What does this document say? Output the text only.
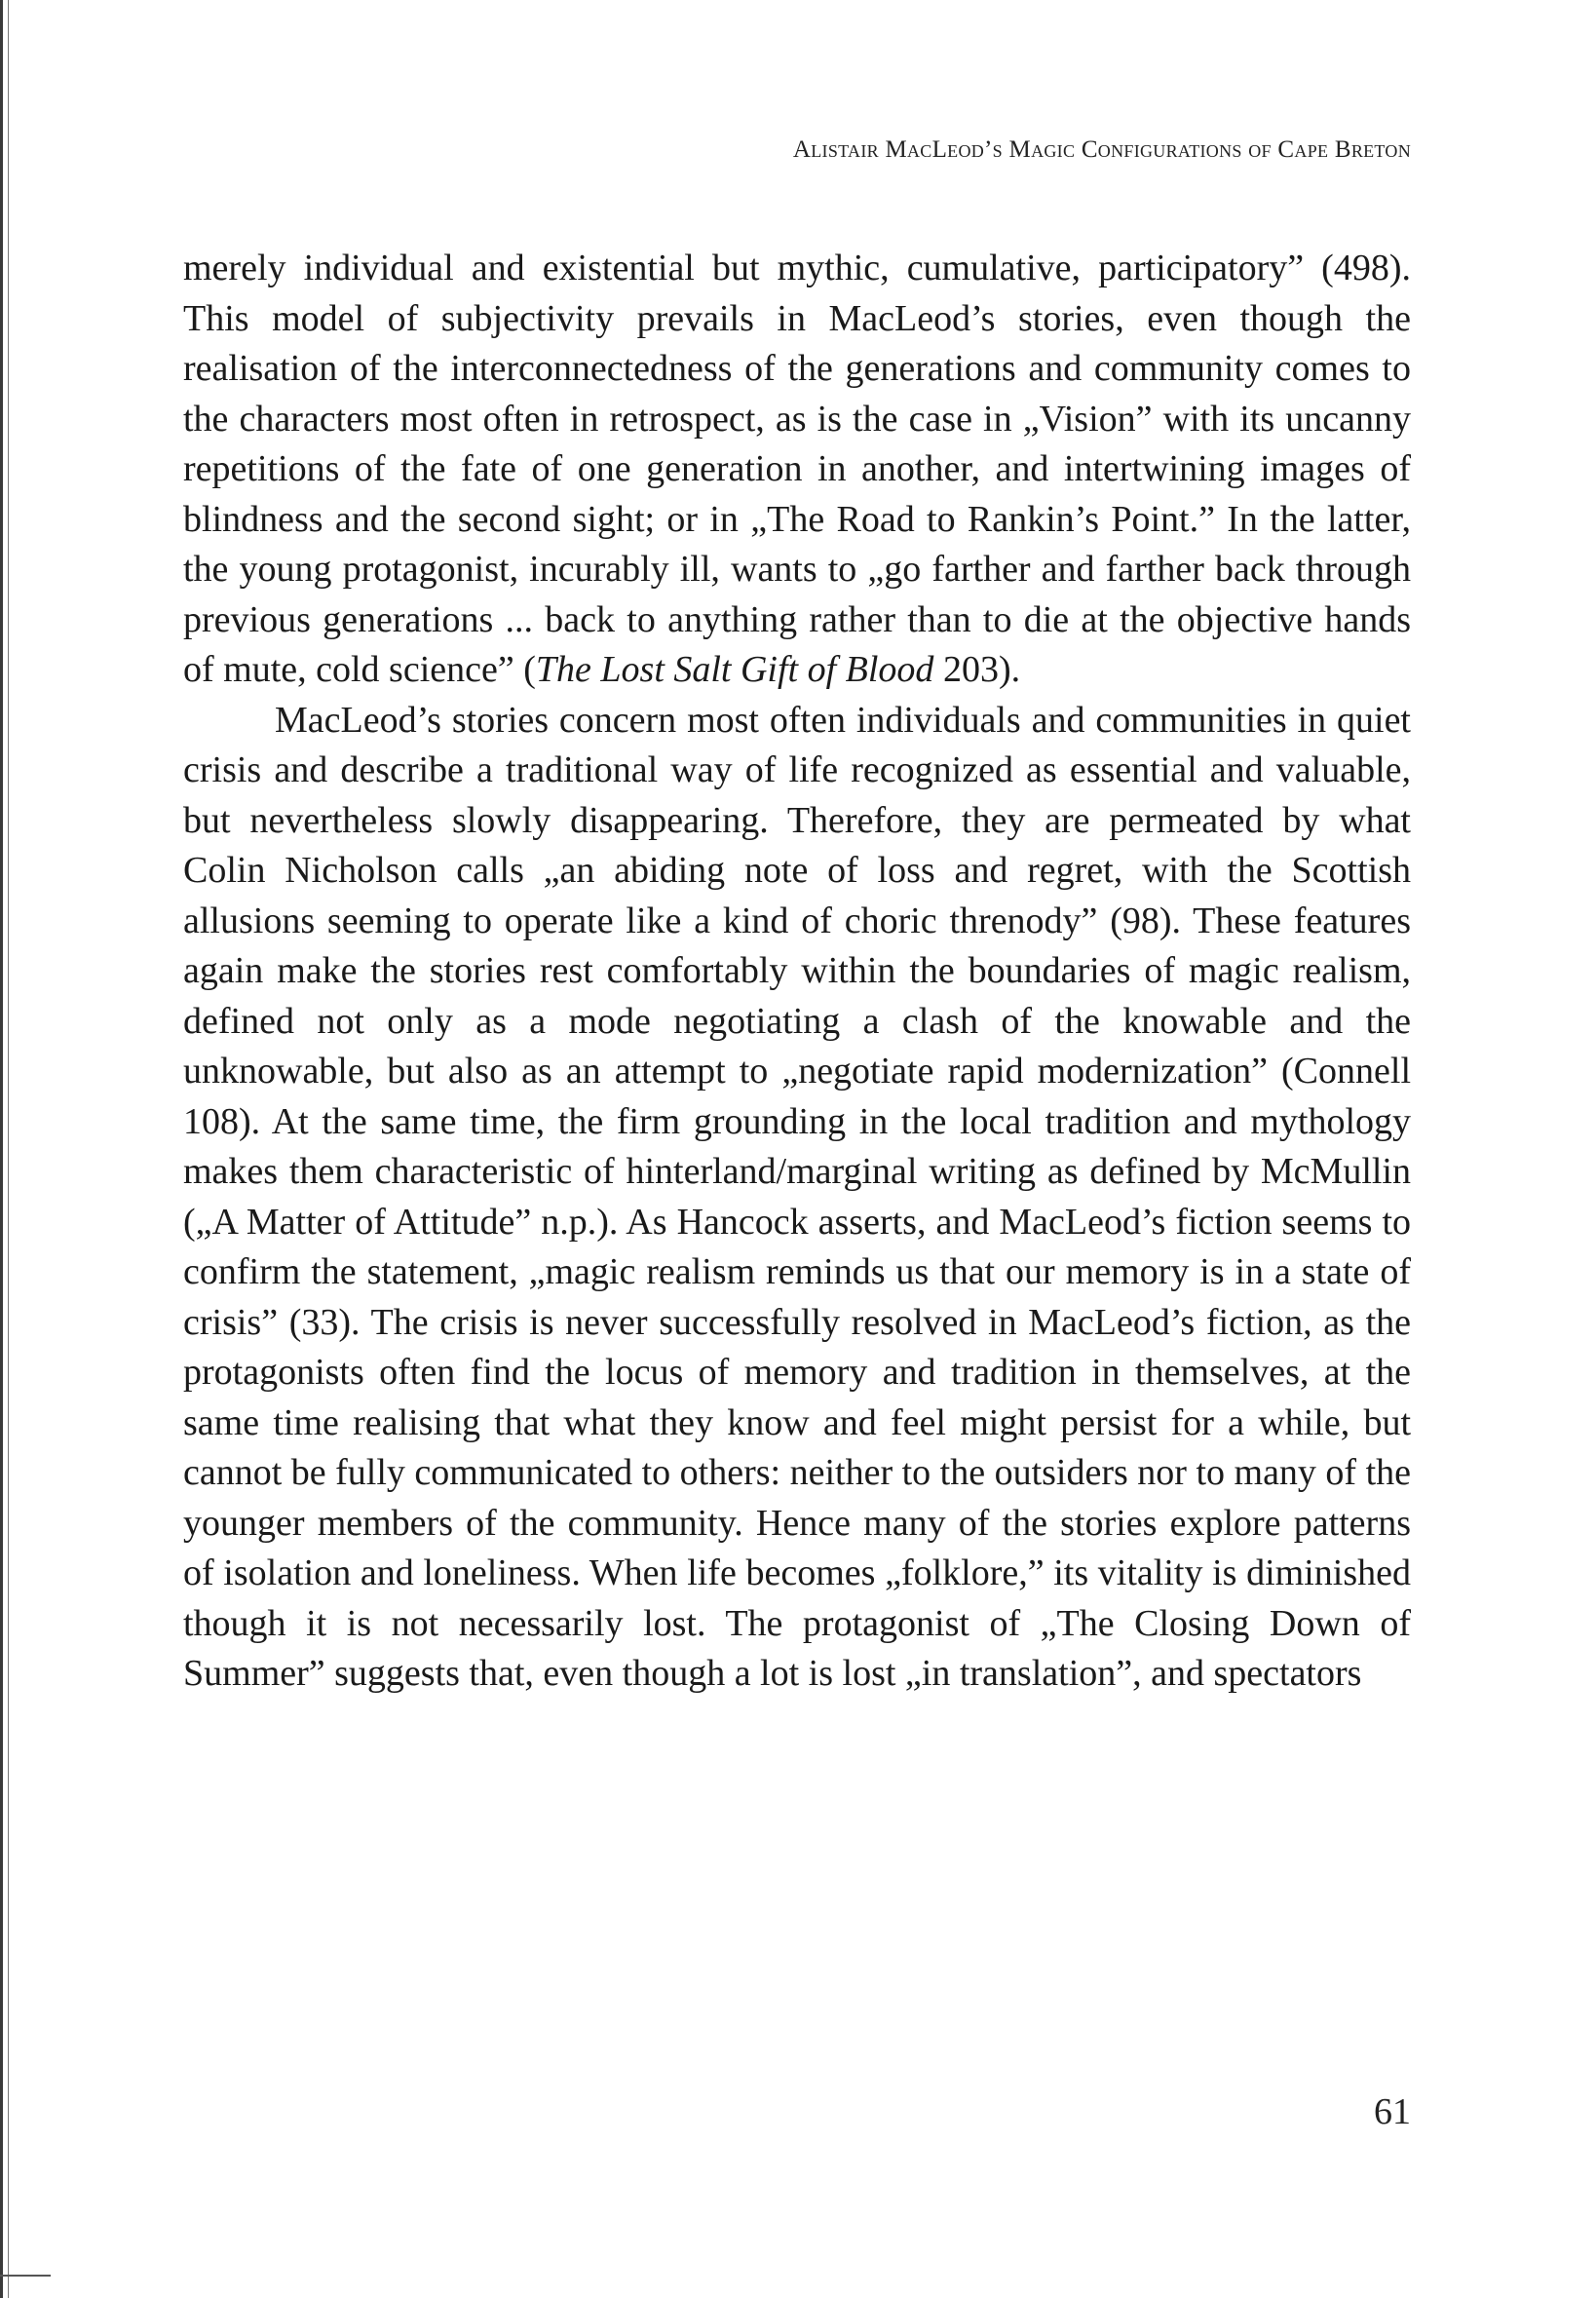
Alistair MacLeod’s Magic Configurations of Cape Breton

merely individual and existential but mythic, cumulative, participatory” (498). This model of subjectivity prevails in MacLeod’s stories, even though the realisation of the interconnectedness of the generations and community comes to the characters most often in retrospect, as is the case in „Vision” with its uncanny repetitions of the fate of one generation in another, and intertwining images of blindness and the second sight; or in „The Road to Rankin’s Point.” In the latter, the young protagonist, incurably ill, wants to „go farther and farther back through previous generations ... back to anything rather than to die at the objective hands of mute, cold science” (The Lost Salt Gift of Blood 203).

MacLeod’s stories concern most often individuals and communities in quiet crisis and describe a traditional way of life recognized as essential and valuable, but nevertheless slowly disappearing. Therefore, they are permeated by what Colin Nicholson calls „an abiding note of loss and regret, with the Scottish allusions seeming to operate like a kind of choric threnody” (98). These features again make the stories rest comfortably within the boundaries of magic realism, defined not only as a mode negotiating a clash of the knowable and the unknowable, but also as an attempt to „negotiate rapid modernization” (Connell 108). At the same time, the firm grounding in the local tradition and mythology makes them characteristic of hinterland/marginal writing as defined by McMullin („A Matter of Attitude” n.p.). As Hancock asserts, and MacLeod’s fiction seems to confirm the statement, „magic realism reminds us that our memory is in a state of crisis” (33). The crisis is never successfully resolved in MacLeod’s fiction, as the protagonists often find the locus of memory and tradition in themselves, at the same time realising that what they know and feel might persist for a while, but cannot be fully communicated to others: neither to the outsiders nor to many of the younger members of the community. Hence many of the stories explore patterns of isolation and loneliness. When life becomes „folklore,” its vitality is diminished though it is not necessarily lost. The protagonist of „The Closing Down of Summer” suggests that, even though a lot is lost „in translation”, and spectators

61
